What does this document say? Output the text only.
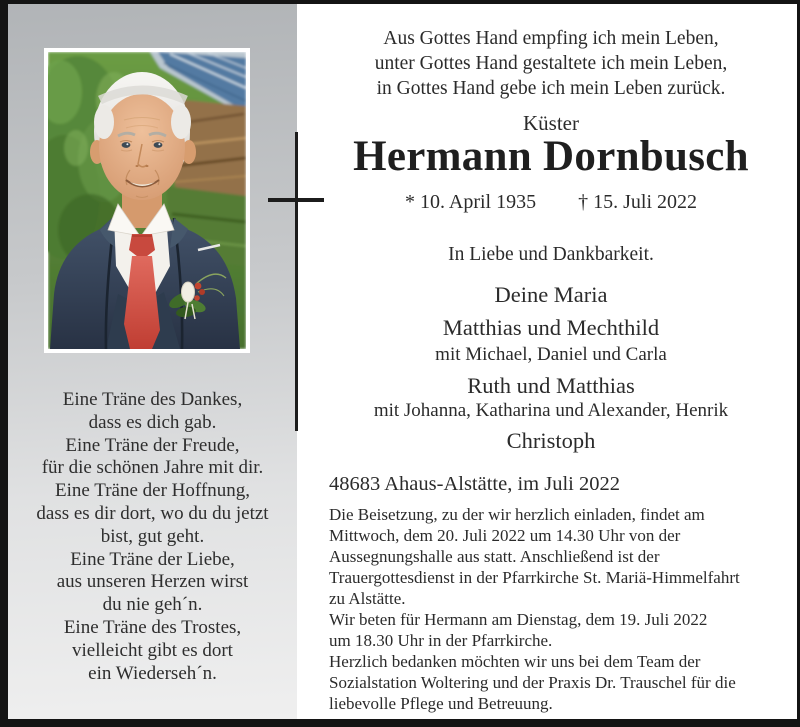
Eine Träne des Dankes,
dass es dich gab.
Eine Träne der Freude,
für die schönen Jahre mit dir.
Eine Träne der Hoffnung,
dass es dir dort, wo du du jetzt
bist, gut geht.
Eine Träne der Liebe,
aus unseren Herzen wirst
du nie geh´n.
Eine Träne des Trostes,
vielleicht gibt es dort
ein Wiederseh´n.
Aus Gottes Hand empfing ich mein Leben,
unter Gottes Hand gestaltete ich mein Leben,
in Gottes Hand gebe ich mein Leben zurück.
Küster
Hermann Dornbusch
* 10. April 1935 † 15. Juli 2022
In Liebe und Dankbarkeit.
Deine Maria
Matthias und Mechthild
mit Michael, Daniel und Carla
Ruth und Matthias
mit Johanna, Katharina und Alexander, Henrik
Christoph
48683 Ahaus-Alstätte, im Juli 2022
Die Beisetzung, zu der wir herzlich einladen, findet am
Mittwoch, dem 20. Juli 2022 um 14.30 Uhr von der
Aussegnungshalle aus statt. Anschließend ist der
Trauergottesdienst in der Pfarrkirche St. Mariä-Himmelfahrt
zu Alstätte.
Wir beten für Hermann am Dienstag, dem 19. Juli 2022
um 18.30 Uhr in der Pfarrkirche.
Herzlich bedanken möchten wir uns bei dem Team der
Sozialstation Woltering und der Praxis Dr. Trauschel für die
liebevolle Pflege und Betreuung.
